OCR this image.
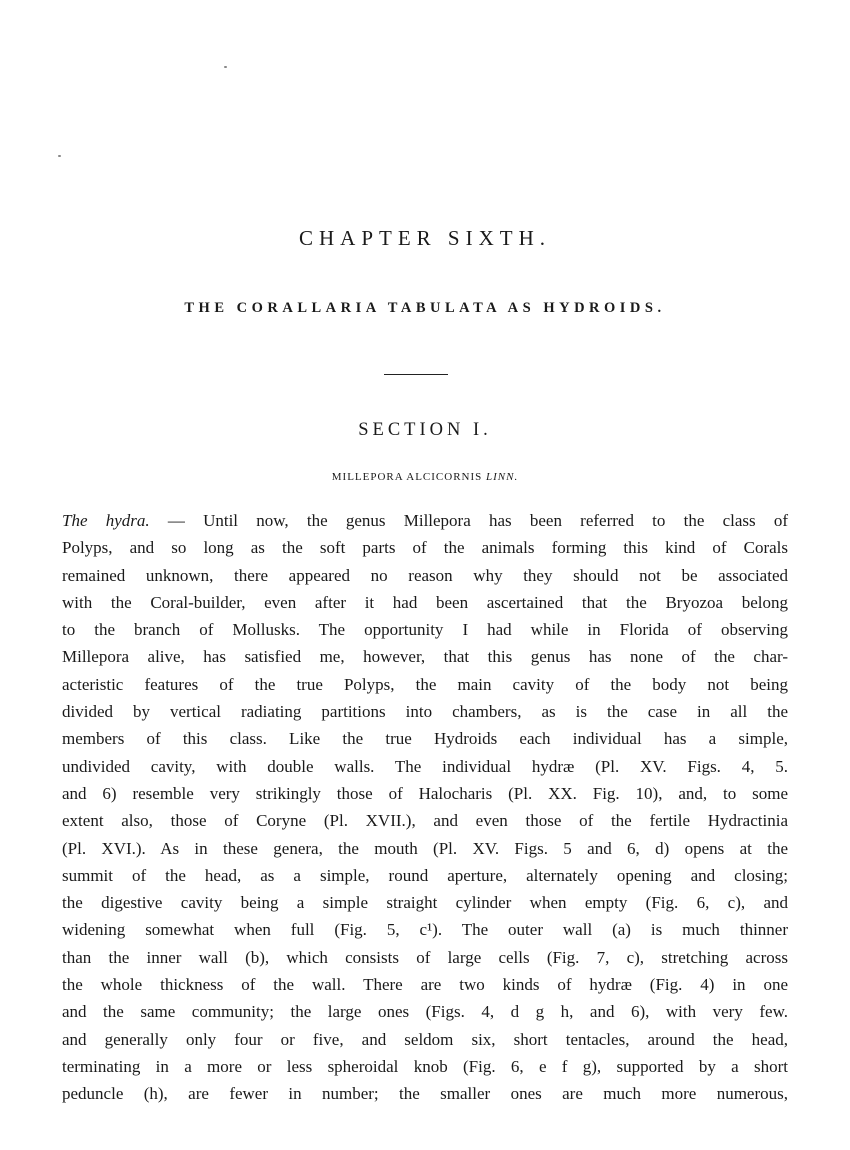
CHAPTER SIXTH.
THE CORALLARIA TABULATA AS HYDROIDS.
SECTION I.
MILLEPORA ALCICORNIS LINN.
The hydra. — Until now, the genus Millepora has been referred to the class of
Polyps, and so long as the soft parts of the animals forming this kind of Corals
remained unknown, there appeared no reason why they should not be associated
with the Coral-builder, even after it had been ascertained that the Bryozoa belong
to the branch of Mollusks. The opportunity I had while in Florida of observing
Millepora alive, has satisfied me, however, that this genus has none of the char-
acteristic features of the true Polyps, the main cavity of the body not being
divided by vertical radiating partitions into chambers, as is the case in all the
members of this class. Like the true Hydroids each individual has a simple,
undivided cavity, with double walls. The individual hydræ (Pl. XV. Figs. 4, 5.
and 6) resemble very strikingly those of Halocharis (Pl. XX. Fig. 10), and, to some
extent also, those of Coryne (Pl. XVII.), and even those of the fertile Hydractinia
(Pl. XVI.). As in these genera, the mouth (Pl. XV. Figs. 5 and 6, d) opens at the
summit of the head, as a simple, round aperture, alternately opening and closing;
the digestive cavity being a simple straight cylinder when empty (Fig. 6, c), and
widening somewhat when full (Fig. 5, c¹). The outer wall (a) is much thinner
than the inner wall (b), which consists of large cells (Fig. 7, c), stretching across
the whole thickness of the wall. There are two kinds of hydræ (Fig. 4) in one
and the same community; the large ones (Figs. 4, d g h, and 6), with very few.
and generally only four or five, and seldom six, short tentacles, around the head,
terminating in a more or less spheroidal knob (Fig. 6, e f g), supported by a short
peduncle (h), are fewer in number; the smaller ones are much more numerous,
